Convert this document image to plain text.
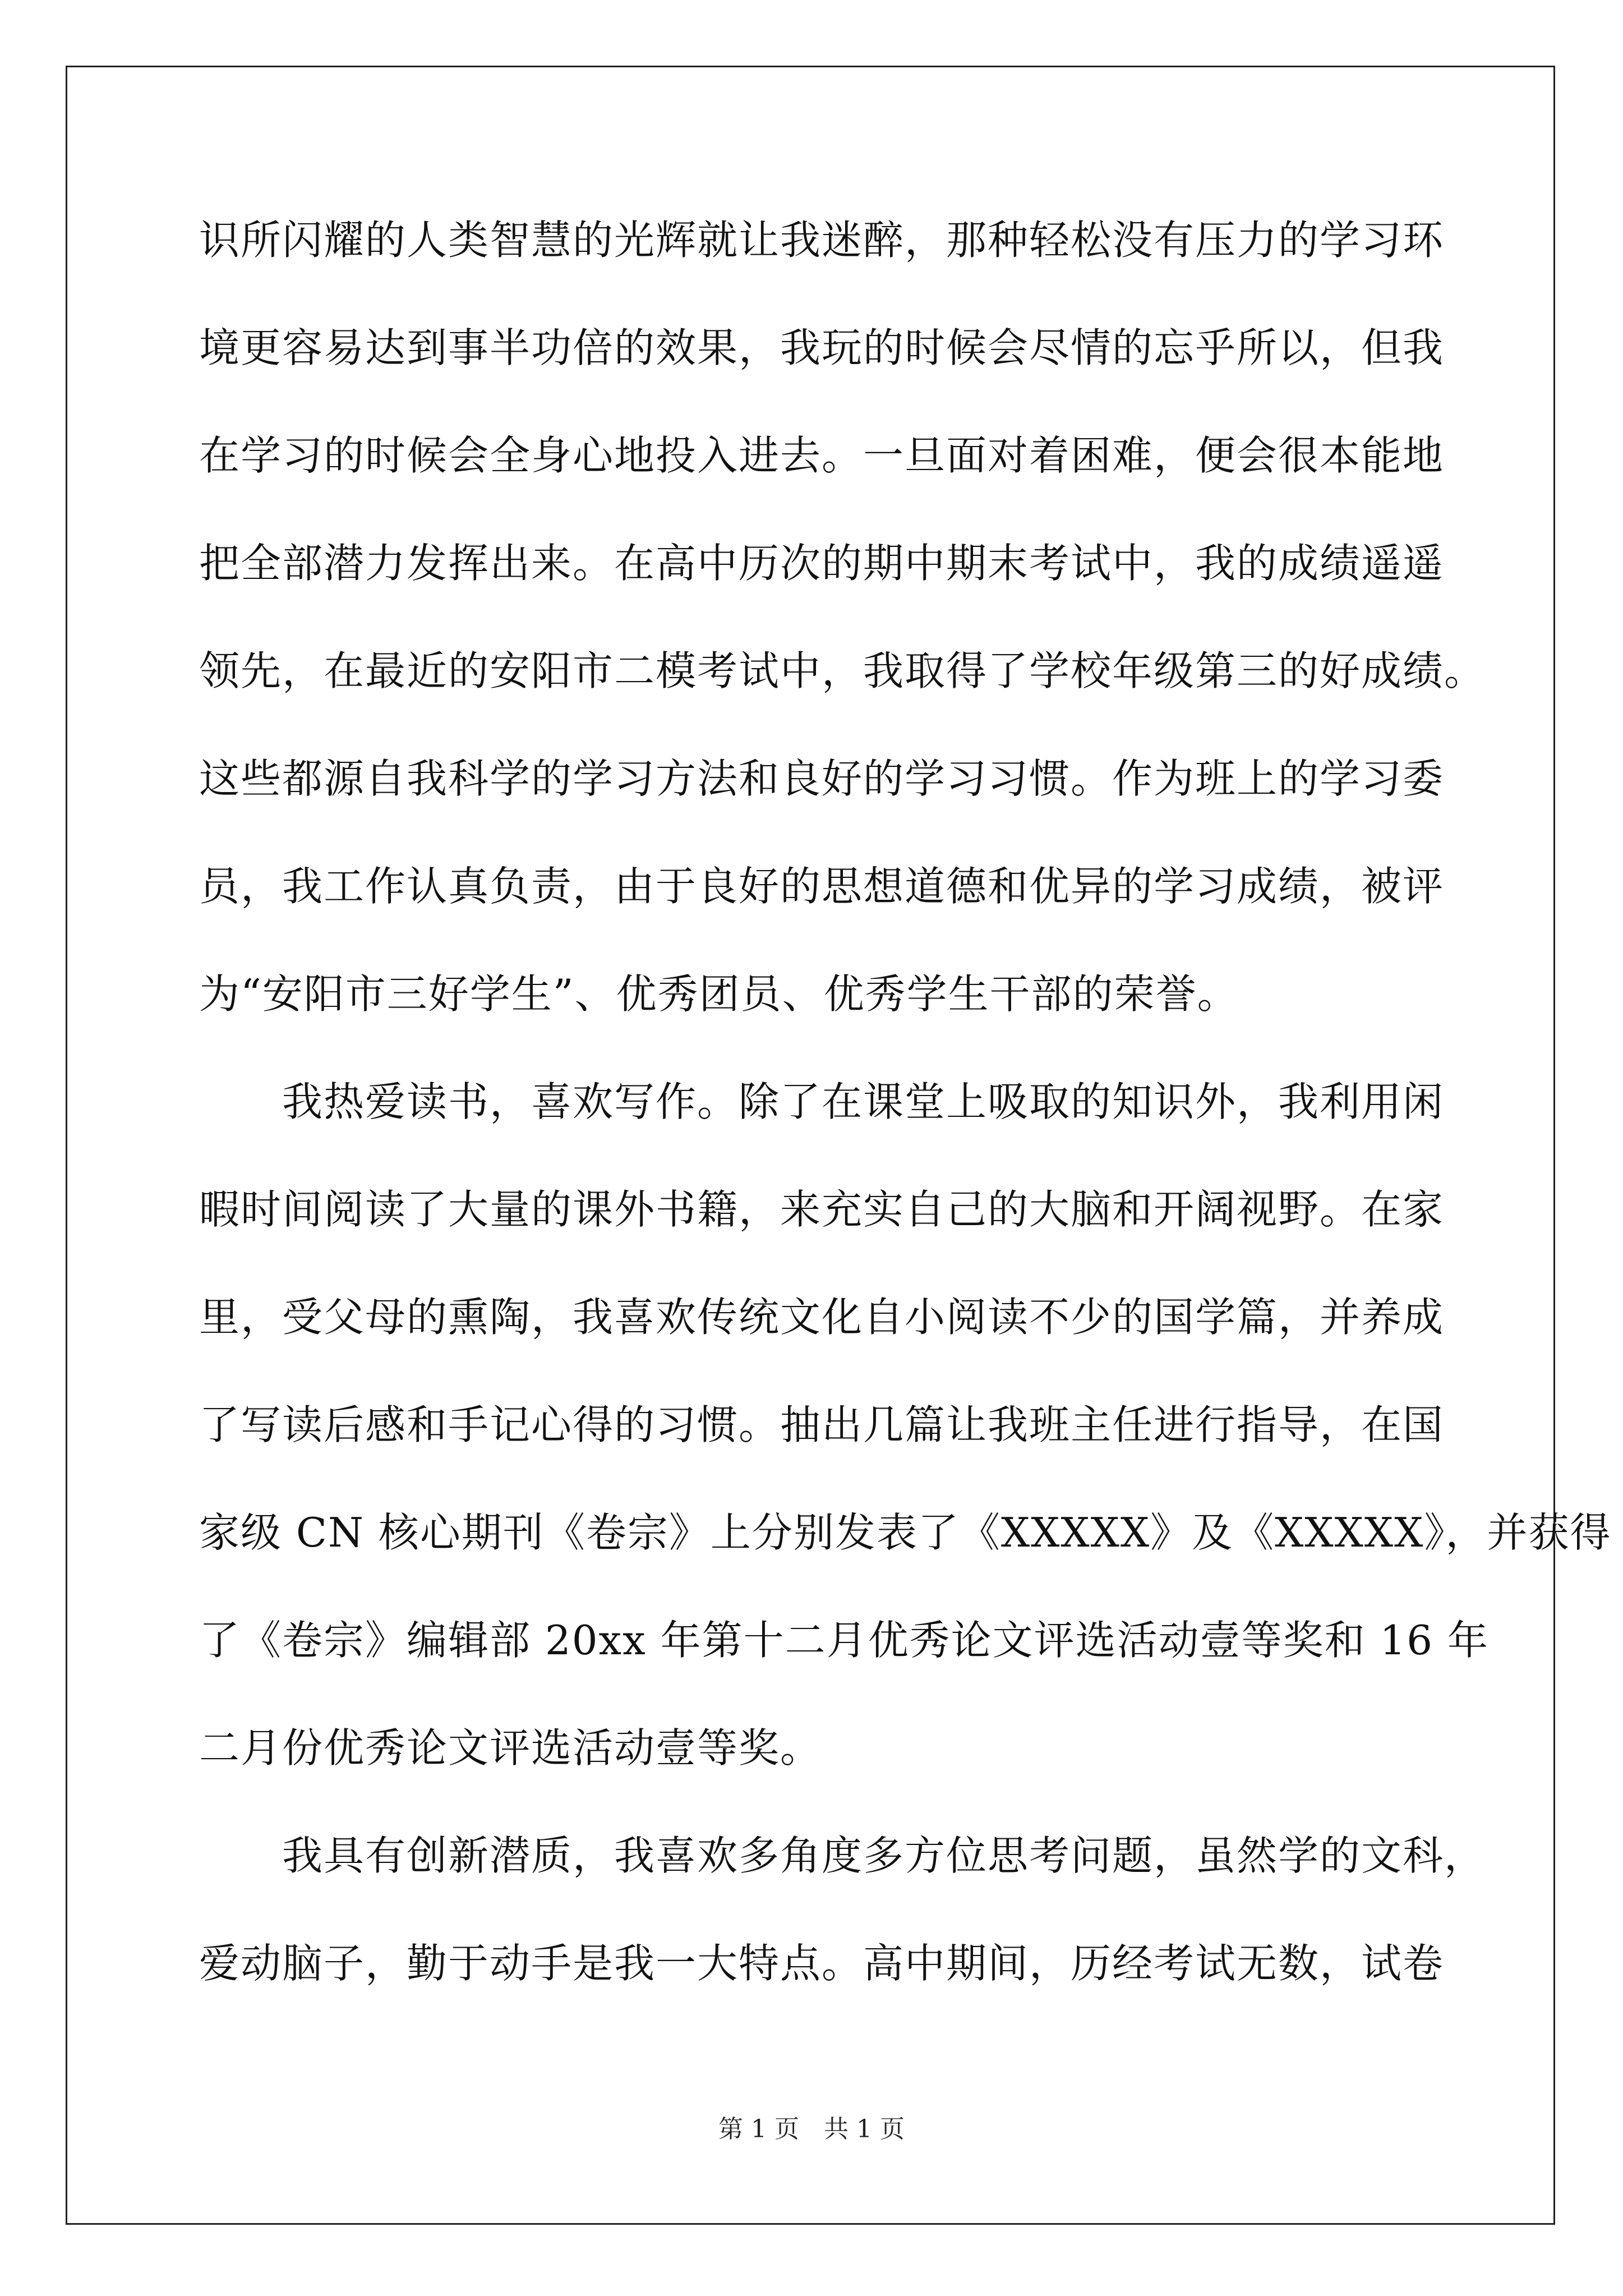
识所闪耀的人类智慧的光辉就让我迷醉，那种轻松没有压力的学习环
境更容易达到事半功倍的效果，我玩的时候会尽情的忘乎所以，但我
在学习的时候会全身心地投入进去。一旦面对着困难，便会很本能地
把全部潜力发挥出来。在高中历次的期中期末考试中，我的成绩遥遥
领先，在最近的安阳市二模考试中，我取得了学校年级第三的好成绩。
这些都源自我科学的学习方法和良好的学习习惯。作为班上的学习委
员，我工作认真负责，由于良好的思想道德和优异的学习成绩，被评
为“安阳市三好学生”、优秀团员、优秀学生干部的荣誉。
　　我热爱读书，喜欢写作。除了在课堂上吸取的知识外，我利用闲
暇时间阅读了大量的课外书籍，来充实自己的大脑和开阔视野。在家
里，受父母的熏陶，我喜欢传统文化自小阅读不少的国学篇，并养成
了写读后感和手记心得的习惯。抽出几篇让我班主任进行指导，在国
家级 CN 核心期刊《卷宗》上分别发表了《XXXXX》及《XXXXX》，并获得
了《卷宗》编辑部 20xx 年第十二月优秀论文评选活动壹等奖和 16 年
二月份优秀论文评选活动壹等奖。
　　我具有创新潜质，我喜欢多角度多方位思考问题，虽然学的文科，
爱动脑子，勤于动手是我一大特点。高中期间，历经考试无数，试卷
第 1 页　共 1 页
